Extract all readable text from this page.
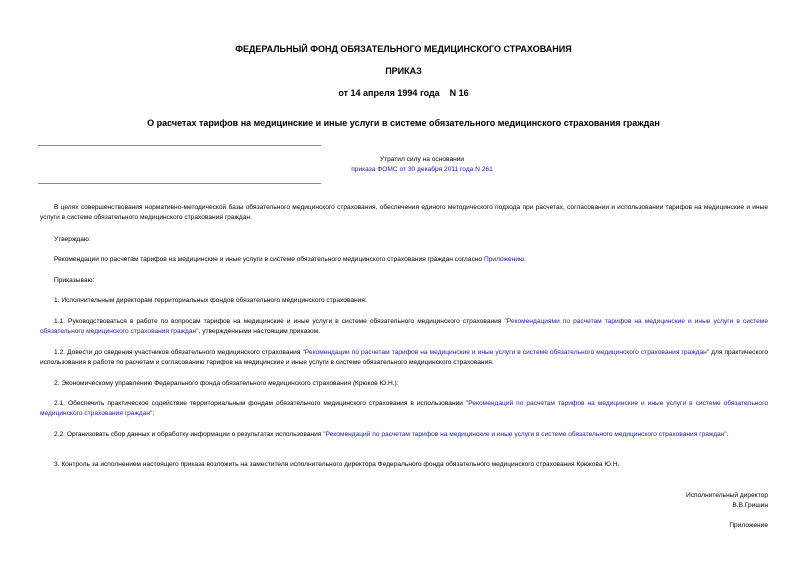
ФЕДЕРАЛЬНЫЙ ФОНД ОБЯЗАТЕЛЬНОГО МЕДИЦИНСКОГО СТРАХОВАНИЯ
ПРИКАЗ
от 14 апреля 1994 года    N 16
О расчетах тарифов на медицинские и иные услуги в системе обязательного медицинского страхования граждан
Утратил силу на основании
приказа ФОМС от 30 декабря 2011 года N 261
В целях совершенствования нормативно-методической базы обязательного медицинского страхования, обеспечения единого методического подхода при расчетах, согласовании и использовании тарифов на медицинские и иные услуги в системе обязательного медицинского страхования граждан
Утверждаю:
Рекомендации по расчетам тарифов на медицинские и иные услуги в системе обязательного медицинского страхования граждан согласно Приложению.
Приказываю:
1. Исполнительным директорам территориальных фондов обязательного медицинского страхования:
1.1. Руководствоваться в работе по вопросам тарифов на медицинские и иные услуги в системе обязательного медицинского страхования "Рекомендациями по расчетам тарифов на медицинские и иные услуги в системе обязательного медицинского страхования граждан", утвержденными настоящим приказом.
1.2. Довести до сведения участников обязательного медицинского страхования "Рекомендации по расчетам тарифов на медицинские и иные услуги в системе обязательного медицинского страхования граждан" для практического использования в работе по расчетам и согласованию тарифов на медицинские и иные услуги в системе обязательного медицинского страхования.
2. Экономическому управлению Федерального фонда обязательного медицинского страхования (Крюков Ю.Н.):
2.1. Обеспечить практическое содействие территориальным фондам обязательного медицинского страхования в использовании "Рекомендаций по расчетам тарифов на медицинские и иные услуги в системе обязательного медицинского страхования граждан";
2.2. Организовать сбор данных и обработку информации о результатах использования "Рекомендаций по расчетам тарифов на медицинские и иные услуги в системе обязательного медицинского страхования граждан".
3. Контроль за исполнением настоящего приказа возложить на заместителя исполнительного директора Федерального фонда обязательного медицинского страхования Крюкова Ю.Н.
Исполнительный директор
В.В.Гришин
Приложение
